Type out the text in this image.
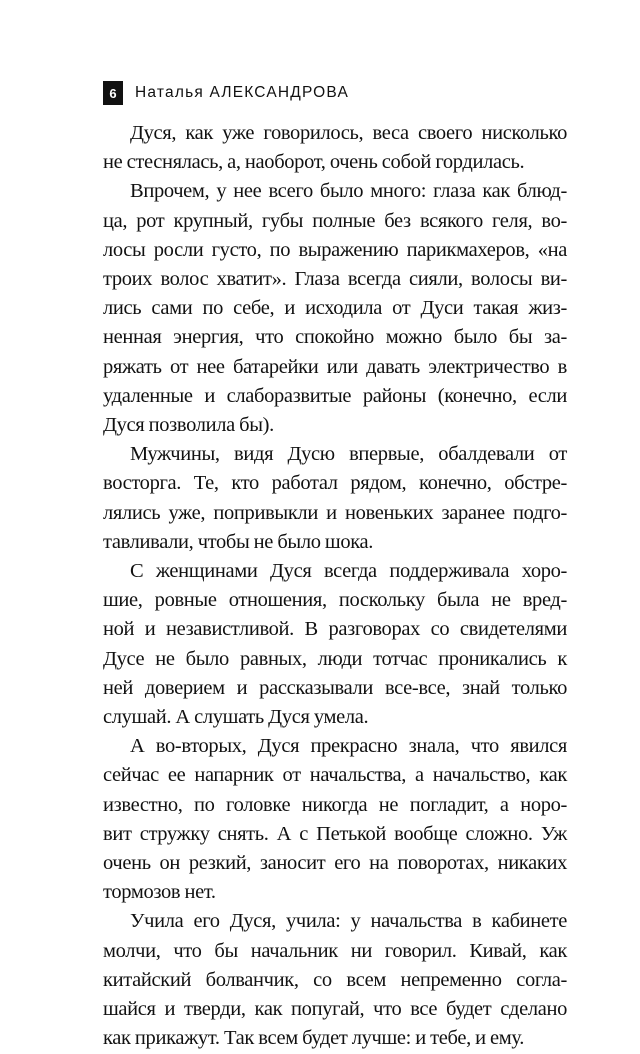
6	Наталья АЛЕКСАНДРОВА

Дуся, как уже говорилось, веса своего нисколько
не стеснялась, а, наоборот, очень собой гордилась.

Впрочем, у нее всего было много: глаза как блюд-
ца, рот крупный, губы полные без всякого геля, во-
лосы росли густо, по выражению парикмахеров, «на
троих волос хватит». Глаза всегда сияли, волосы ви-
лись сами по себе, и исходила от Дуси такая жиз-
ненная энергия, что спокойно можно было бы за-
ряжать от нее батарейки или давать электричество в
удаленные и слаборазвитые районы (конечно, если
Дуся позволила бы).

Мужчины, видя Дусю впервые, обалдевали от
восторга. Те, кто работал рядом, конечно, обстре-
лялись уже, попривыкли и новеньких заранее подго-
тавливали, чтобы не было шока.

С женщинами Дуся всегда поддерживала хоро-
шие, ровные отношения, поскольку была не вред-
ной и независтливой. В разговорах со свидетелями
Дусе не было равных, люди тотчас проникались к
ней доверием и рассказывали все-все, знай только
слушай. А слушать Дуся умела.

А во-вторых, Дуся прекрасно знала, что явился
сейчас ее напарник от начальства, а начальство, как
известно, по головке никогда не погладит, а норо-
вит стружку снять. А с Петькой вообще сложно. Уж
очень он резкий, заносит его на поворотах, никаких
тормозов нет.

Учила его Дуся, учила: у начальства в кабинете
молчи, что бы начальник ни говорил. Кивай, как
китайский болванчик, со всем непременно согла-
шайся и тверди, как попугай, что все будет сделано
как прикажут. Так всем будет лучше: и тебе, и ему.
